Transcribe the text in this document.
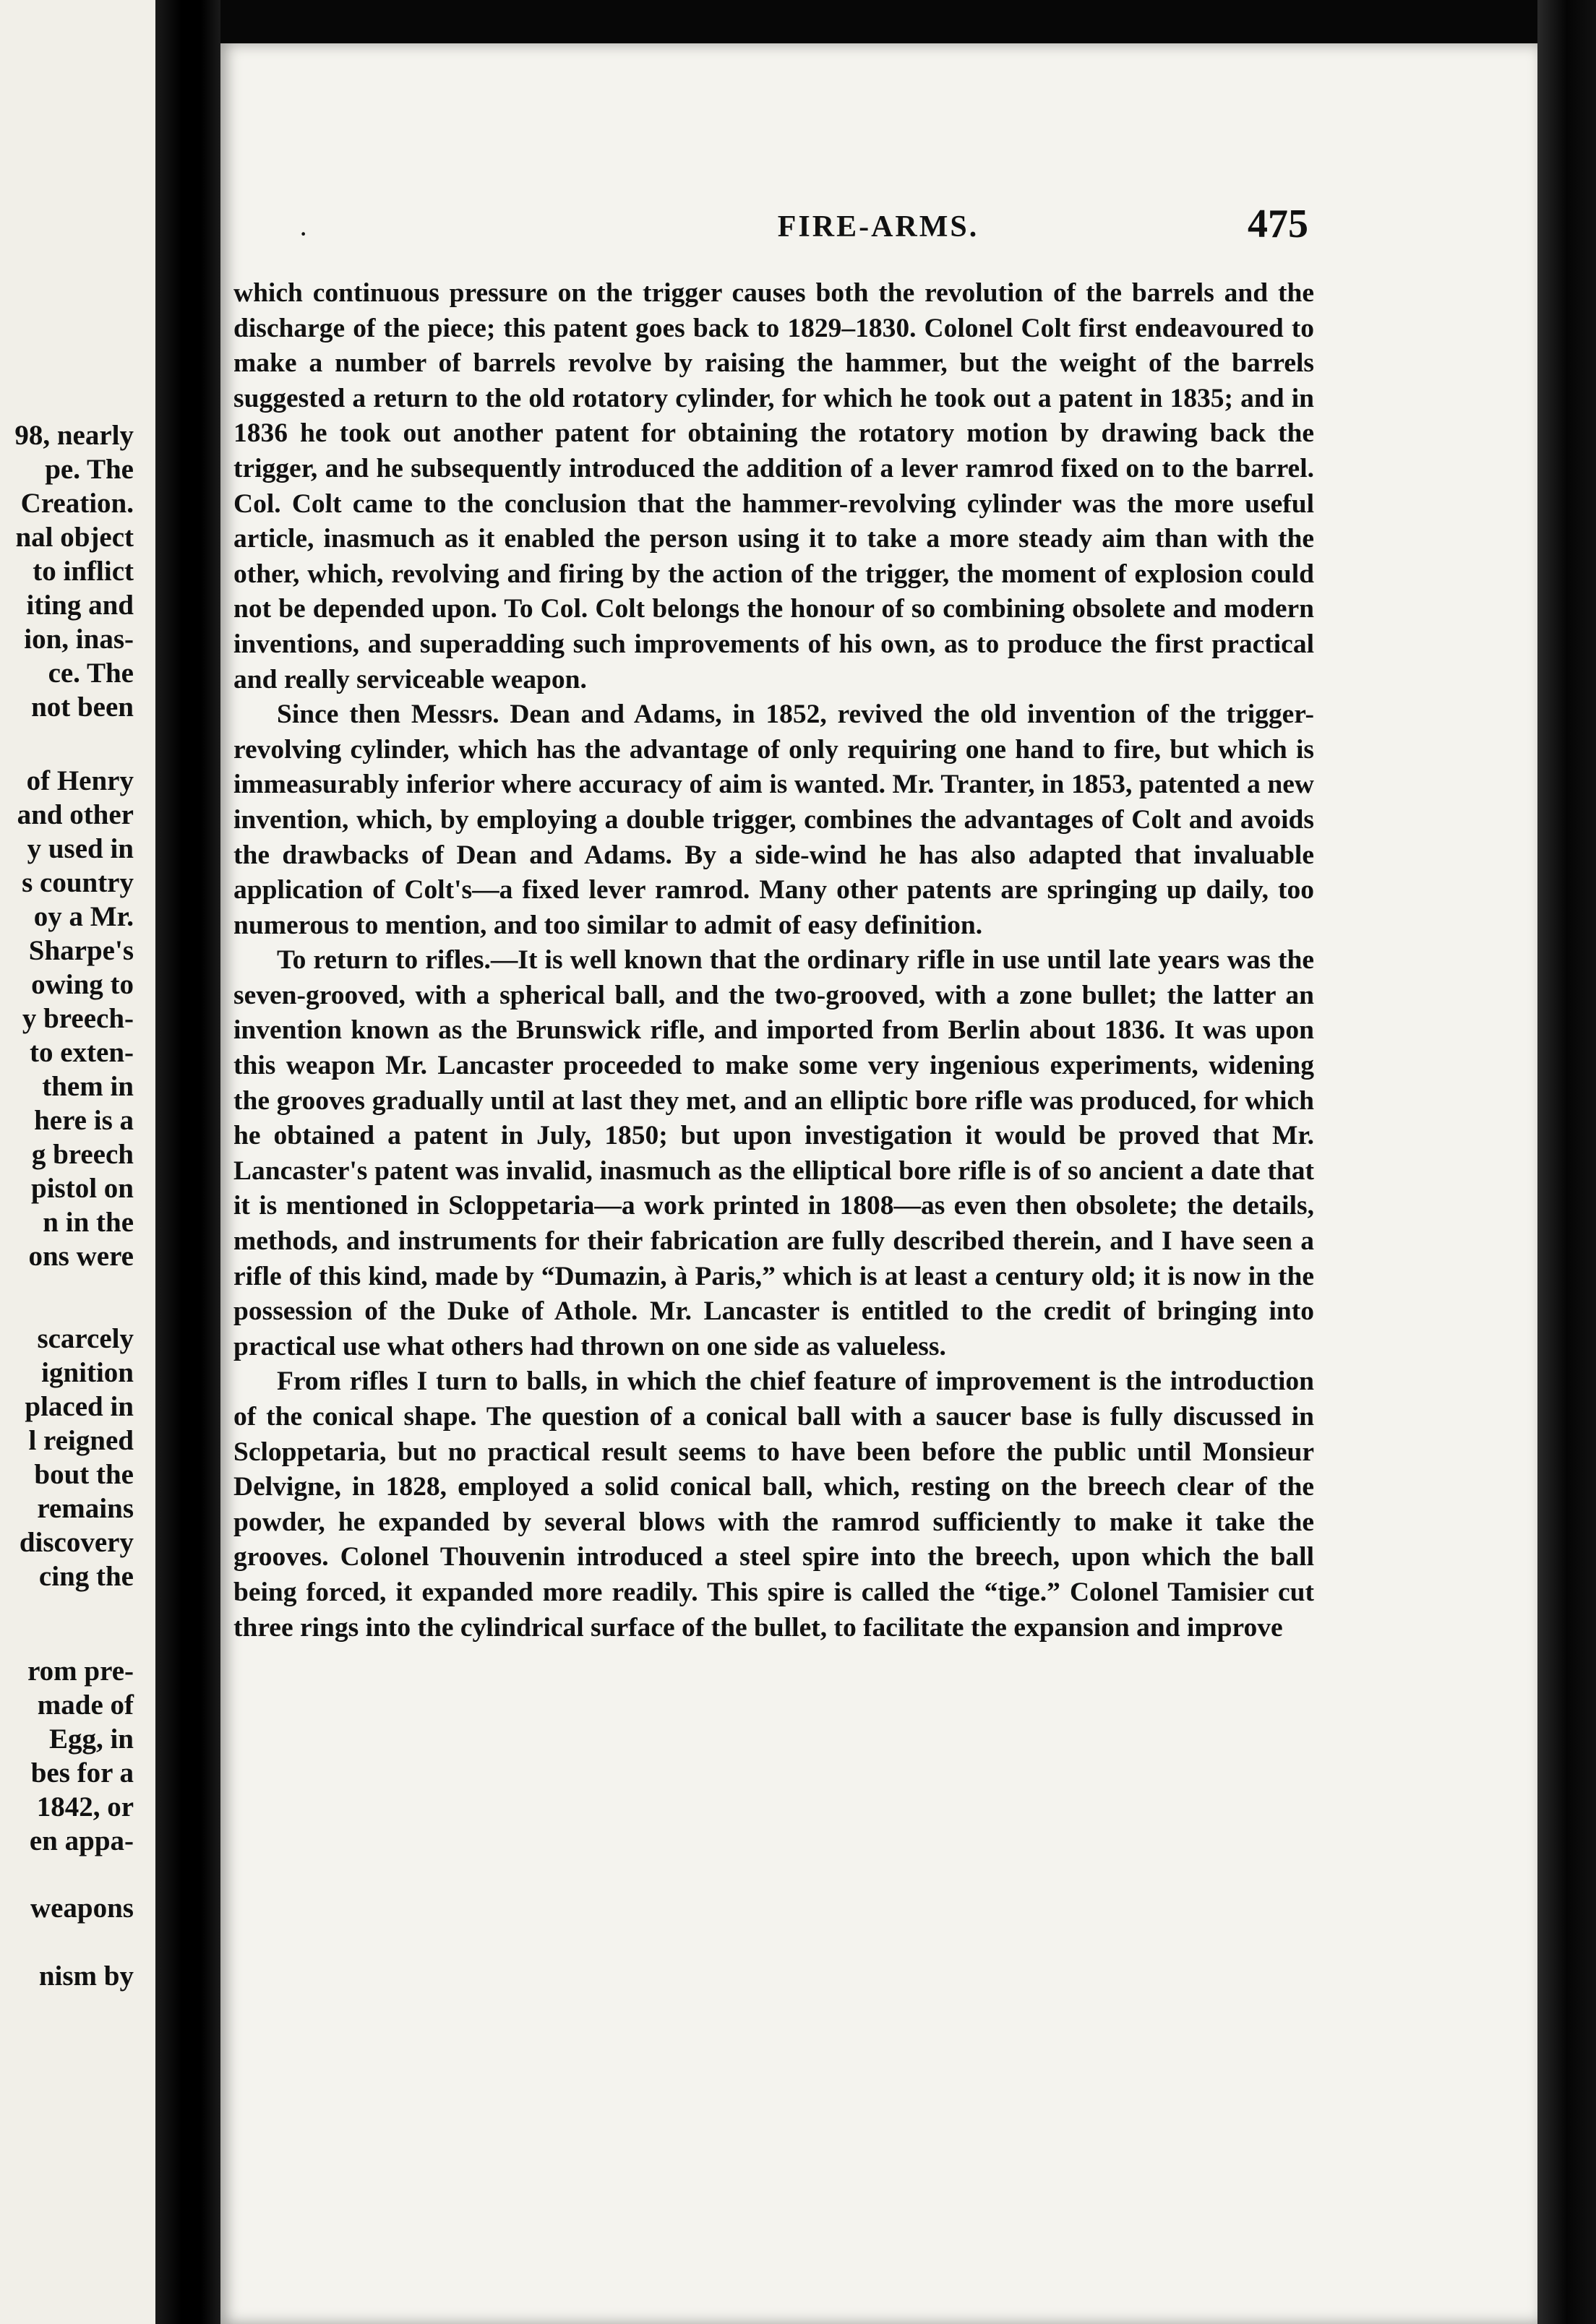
98, nearly
pe. The
Creation.
nal object
to inflict
iting and
ion, inas-
ce. The
not been
of Henry
and other
y used in
s country
oy a Mr.
Sharpe's
owing to
y breech-
to exten-
them in
here is a
g breech
pistol on
n in the
ons were
scarcely
ignition
placed in
l reigned
bout the
remains
discovery
cing the
rom pre-
made of
Egg, in
bes for a
1842, or
en appa-
weapons
nism by
·	FIRE-ARMS.	475

which continuous pressure on the trigger causes both the revolution of the barrels and the discharge of the piece; this patent goes back to 1829–1830. Colonel Colt first endeavoured to make a number of barrels revolve by raising the hammer, but the weight of the barrels suggested a return to the old rotatory cylinder, for which he took out a patent in 1835; and in 1836 he took out another patent for obtaining the rotatory motion by drawing back the trigger, and he subsequently introduced the addition of a lever ramrod fixed on to the barrel. Col. Colt came to the conclusion that the hammer-revolving cylinder was the more useful article, inasmuch as it enabled the person using it to take a more steady aim than with the other, which, revolving and firing by the action of the trigger, the moment of explosion could not be depended upon. To Col. Colt belongs the honour of so combining obsolete and modern inventions, and superadding such improvements of his own, as to produce the first practical and really serviceable weapon.

Since then Messrs. Dean and Adams, in 1852, revived the old invention of the trigger-revolving cylinder, which has the advantage of only requiring one hand to fire, but which is immeasurably inferior where accuracy of aim is wanted. Mr. Tranter, in 1853, patented a new invention, which, by employing a double trigger, combines the advantages of Colt and avoids the drawbacks of Dean and Adams. By a side-wind he has also adapted that invaluable application of Colt's—a fixed lever ramrod. Many other patents are springing up daily, too numerous to mention, and too similar to admit of easy definition.

To return to rifles.—It is well known that the ordinary rifle in use until late years was the seven-grooved, with a spherical ball, and the two-grooved, with a zone bullet; the latter an invention known as the Brunswick rifle, and imported from Berlin about 1836. It was upon this weapon Mr. Lancaster proceeded to make some very ingenious experiments, widening the grooves gradually until at last they met, and an elliptic bore rifle was produced, for which he obtained a patent in July, 1850; but upon investigation it would be proved that Mr. Lancaster's patent was invalid, inasmuch as the elliptical bore rifle is of so ancient a date that it is mentioned in Scloppetaria—a work printed in 1808—as even then obsolete; the details, methods, and instruments for their fabrication are fully described therein, and I have seen a rifle of this kind, made by “Dumazin, à Paris,” which is at least a century old; it is now in the possession of the Duke of Athole. Mr. Lancaster is entitled to the credit of bringing into practical use what others had thrown on one side as valueless.

From rifles I turn to balls, in which the chief feature of improvement is the introduction of the conical shape. The question of a conical ball with a saucer base is fully discussed in Scloppetaria, but no practical result seems to have been before the public until Monsieur Delvigne, in 1828, employed a solid conical ball, which, resting on the breech clear of the powder, he expanded by several blows with the ramrod sufficiently to make it take the grooves. Colonel Thouvenin introduced a steel spire into the breech, upon which the ball being forced, it expanded more readily. This spire is called the “tige.” Colonel Tamisier cut three rings into the cylindrical surface of the bullet, to facilitate the expansion and improve
